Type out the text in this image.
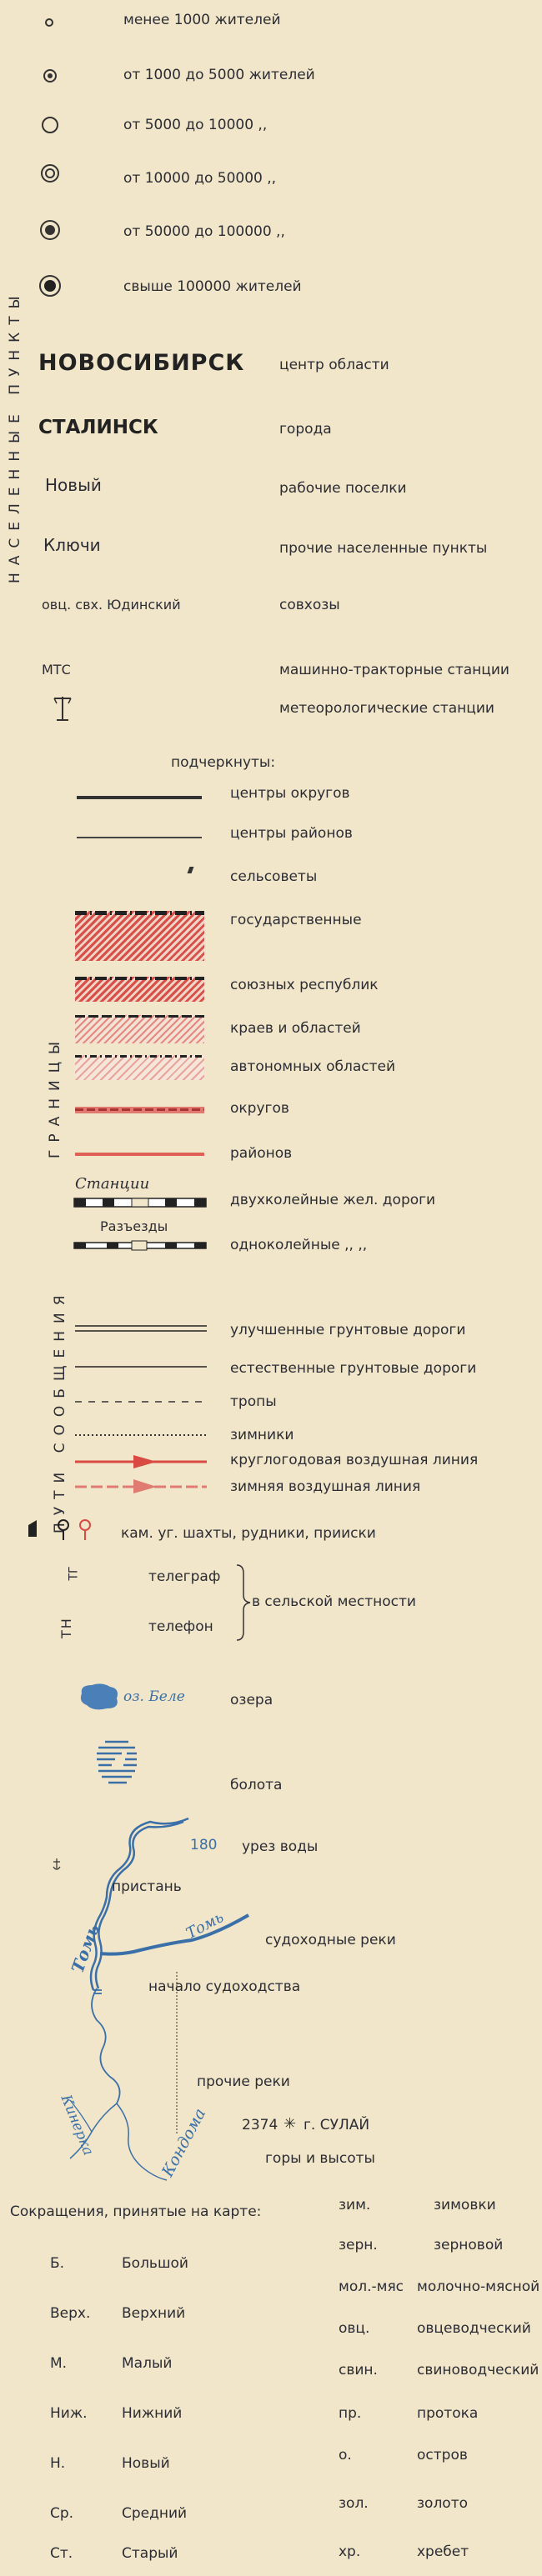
НАСЕЛЕННЫЕ ПУНКТЫ
ГРАНИЦЫ
ПУТИ СООБЩЕНИЯ
менее 1000 жителей
от 1000 до 5000 жителей
от 5000 до 10000 ,,
от 10000 до 50000 ,,
от 50000 до 100000 ,,
свыше 100000 жителей
НОВОСИБИРСК центр области
СТАЛИНСК	города
Новый	рабочие поселки
Ключи	прочие населенные пункты
овц. свх. Юдинский	совхозы
МТС	машинно-тракторные станции
метеорологические станции
подчеркнуты:
центры округов
центры районов
сельсоветы
государственные
союзных республик
краев и областей
автономных областей
округов
районов
Станции
двухколейные жел. дороги
Разъезды
одноколейные ,, ,,
улучшенные грунтовые дороги
естественные грунтовые дороги
тропы
зимники
круглогодовая воздушная линия
зимняя воздушная линия
кам. уг. шахты, рудники, прииски
ТН
ТГ	телеграф
телефон
в сельской местности
оз. Беле	озера
болота
180 урез воды
пристань
Томь	Томь	судоходные реки
начало судоходства
Кинерка	Кондома
прочие реки
2374 ✳ г. СУЛАЙ
горы и высоты
Сокращения, принятые на карте:
Б.	Большой
Верх. Верхний
М.	Малый
Ниж. Нижний
Н.	Новый
Ср.	Средний
Ст.	Старый
зим.	зимовки
зерн.	зерновой
мол.-мяс молочно-мясной
овц.	овцеводческий
свин.	свиноводческий
пр.	протока
о.	остров
зол.	золото
хр.	хребет
